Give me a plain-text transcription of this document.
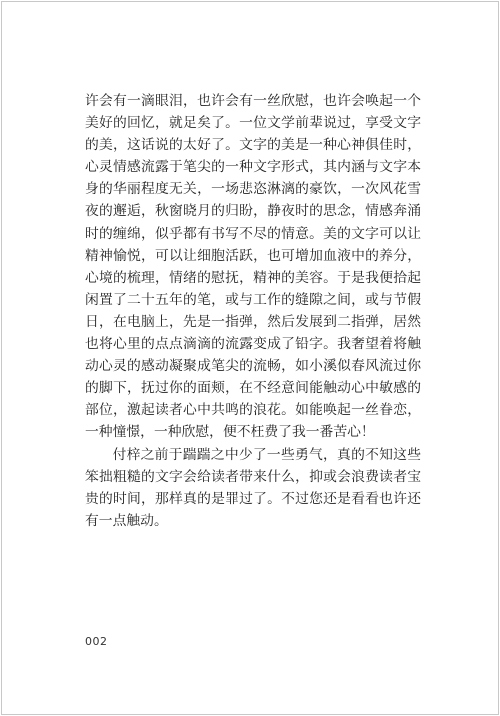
许会有一滴眼泪，也许会有一丝欣慰，也许会唤起一个美好的回忆，就足矣了。一位文学前辈说过，享受文字的美，这话说的太好了。文字的美是一种心神俱佳时，心灵情感流露于笔尖的一种文字形式，其内涵与文字本身的华丽程度无关，一场悲恣淋漓的豪饮，一次风花雪夜的邂逅，秋窗晓月的归盼，静夜时的思念，情感奔涌时的缠绵，似乎都有书写不尽的情意。美的文字可以让精神愉悦，可以让细胞活跃，也可增加血液中的养分，心境的梳理，情绪的慰抚，精神的美容。于是我便拾起闲置了二十五年的笔，或与工作的缝隙之间，或与节假日，在电脑上，先是一指弹，然后发展到二指弹，居然也将心里的点点滴滴的流露变成了铅字。我奢望着将触动心灵的感动凝聚成笔尖的流畅，如小溪似春风流过你的脚下，抚过你的面颊，在不经意间能触动心中敏感的部位，激起读者心中共鸣的浪花。如能唤起一丝眷恋，一种憧憬，一种欣慰，便不枉费了我一番苦心！

付梓之前于踹踹之中少了一些勇气，真的不知这些笨拙粗糙的文字会给读者带来什么，抑或会浪费读者宝贵的时间，那样真的是罪过了。不过您还是看看也许还有一点触动。

002
